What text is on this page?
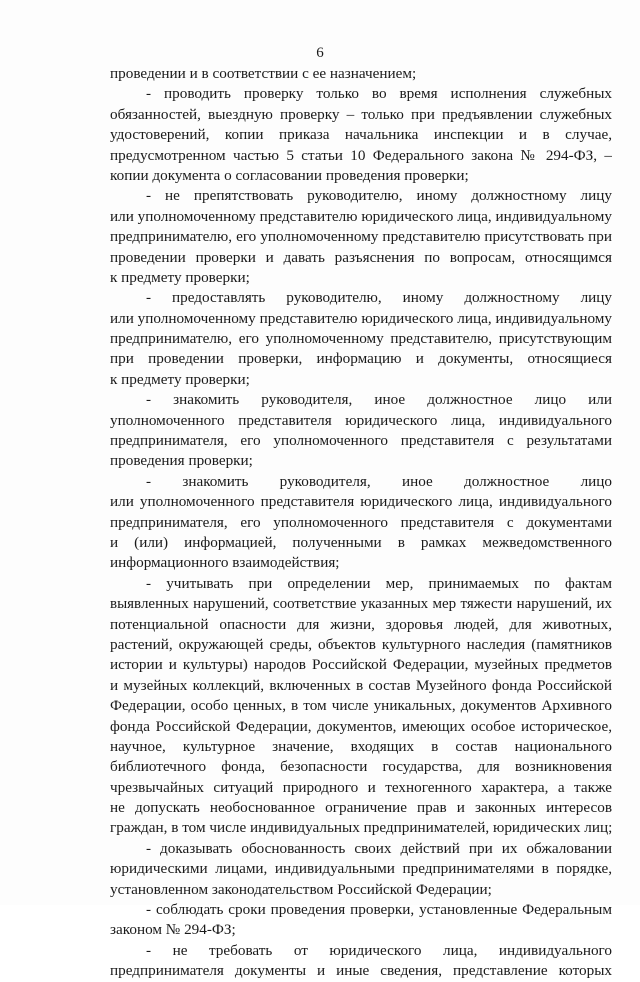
6
проведении и в соответствии с ее назначением;
- проводить проверку только во время исполнения служебных
обязанностей, выездную проверку – только при предъявлении служебных
удостоверений, копии приказа начальника инспекции и в случае,
предусмотренном частью 5 статьи 10 Федерального закона № 294-ФЗ, –
копии документа о согласовании проведения проверки;
- не препятствовать руководителю, иному должностному лицу
или уполномоченному представителю юридического лица, индивидуальному
предпринимателю, его уполномоченному представителю присутствовать при
проведении проверки и давать разъяснения по вопросам, относящимся
к предмету проверки;
- предоставлять руководителю, иному должностному лицу
или уполномоченному представителю юридического лица, индивидуальному
предпринимателю, его уполномоченному представителю, присутствующим
при проведении проверки, информацию и документы, относящиеся
к предмету проверки;
- знакомить руководителя, иное должностное лицо или
уполномоченного представителя юридического лица, индивидуального
предпринимателя, его уполномоченного представителя с результатами
проведения проверки;
- знакомить руководителя, иное должностное лицо
или уполномоченного представителя юридического лица, индивидуального
предпринимателя, его уполномоченного представителя с документами
и (или) информацией, полученными в рамках межведомственного
информационного взаимодействия;
- учитывать при определении мер, принимаемых по фактам
выявленных нарушений, соответствие указанных мер тяжести нарушений, их
потенциальной опасности для жизни, здоровья людей, для животных,
растений, окружающей среды, объектов культурного наследия (памятников
истории и культуры) народов Российской Федерации, музейных предметов
и музейных коллекций, включенных в состав Музейного фонда Российской
Федерации, особо ценных, в том числе уникальных, документов Архивного
фонда Российской Федерации, документов, имеющих особое историческое,
научное, культурное значение, входящих в состав национального
библиотечного фонда, безопасности государства, для возникновения
чрезвычайных ситуаций природного и техногенного характера, а также
не допускать необоснованное ограничение прав и законных интересов
граждан, в том числе индивидуальных предпринимателей, юридических лиц;
- доказывать обоснованность своих действий при их обжаловании
юридическими лицами, индивидуальными предпринимателями в порядке,
установленном законодательством Российской Федерации;
- соблюдать сроки проведения проверки, установленные Федеральным
законом № 294-ФЗ;
- не требовать от юридического лица, индивидуального
предпринимателя документы и иные сведения, представление которых
